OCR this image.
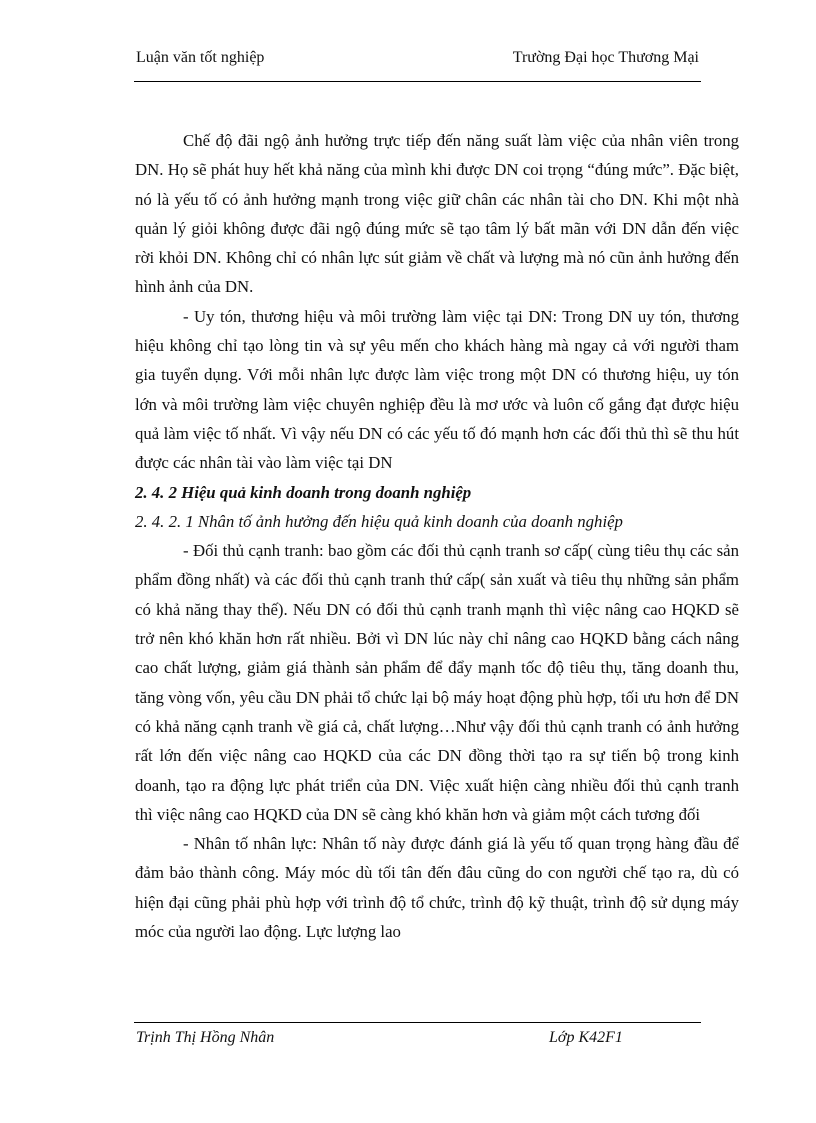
Luận văn tốt nghiệp	Trường Đại học Thương Mại

Chế độ đãi ngộ ảnh hưởng trực tiếp đến năng suất làm việc của nhân viên trong DN. Họ sẽ phát huy hết khả năng của mình khi được DN coi trọng “đúng mức”. Đặc biệt, nó là yếu tố có ảnh hưởng mạnh trong việc giữ chân các nhân tài cho DN. Khi một nhà quản lý giỏi không được đãi ngộ đúng mức sẽ tạo tâm lý bất mãn với DN dẫn đến việc rời khỏi DN. Không chỉ có nhân lực sút giảm về chất và lượng mà nó cũn ảnh hưởng đến hình ảnh của DN.

- Uy tón, thương hiệu và môi trường làm việc tại DN: Trong DN uy tón, thương hiệu không chỉ tạo lòng tin và sự yêu mến cho khách hàng mà ngay cả với người tham gia tuyển dụng. Với mỗi nhân lực được làm việc trong một DN có thương hiệu, uy tón lớn và môi trường làm việc chuyên nghiệp đều là mơ ước và luôn cố gắng đạt được hiệu quả làm việc tố nhất. Vì vậy nếu DN có các yếu tố đó mạnh hơn các đối thủ thì sẽ thu hút được các nhân tài vào làm việc tại DN

2. 4. 2 Hiệu quả kinh doanh trong doanh nghiệp
2. 4. 2. 1 Nhân tố ảnh hưởng đến hiệu quả kinh doanh của doanh nghiệp

- Đối thủ cạnh tranh: bao gồm các đối thủ cạnh tranh sơ cấp( cùng tiêu thụ các sản phẩm đồng nhất) và các đối thủ cạnh tranh thứ cấp( sản xuất và tiêu thụ những sản phẩm có khả năng thay thế). Nếu DN có đối thủ cạnh tranh mạnh thì việc nâng cao HQKD sẽ trở nên khó khăn hơn rất nhiều. Bởi vì DN lúc này chỉ nâng cao HQKD bằng cách nâng cao chất lượng, giảm giá thành sản phẩm để đẩy mạnh tốc độ tiêu thụ, tăng doanh thu, tăng vòng vốn, yêu cầu DN phải tổ chức lại bộ máy hoạt động phù hợp, tối ưu hơn để DN có khả năng cạnh tranh về giá cả, chất lượng…Như vậy đối thủ cạnh tranh có ảnh hưởng rất lớn đến việc nâng cao HQKD của các DN đồng thời tạo ra sự tiến bộ trong kinh doanh, tạo ra động lực phát triển của DN. Việc xuất hiện càng nhiều đối thủ cạnh tranh thì việc nâng cao HQKD của DN sẽ càng khó khăn hơn và giảm một cách tương đối

- Nhân tố nhân lực: Nhân tố này được đánh giá là yếu tố quan trọng hàng đầu để đảm bảo thành công. Máy móc dù tối tân đến đâu cũng do con người chế tạo ra, dù có hiện đại cũng phải phù hợp với trình độ tổ chức, trình độ kỹ thuật, trình độ sử dụng máy móc của người lao động. Lực lượng lao

Trịnh Thị Hồng Nhân	Lớp K42F1
